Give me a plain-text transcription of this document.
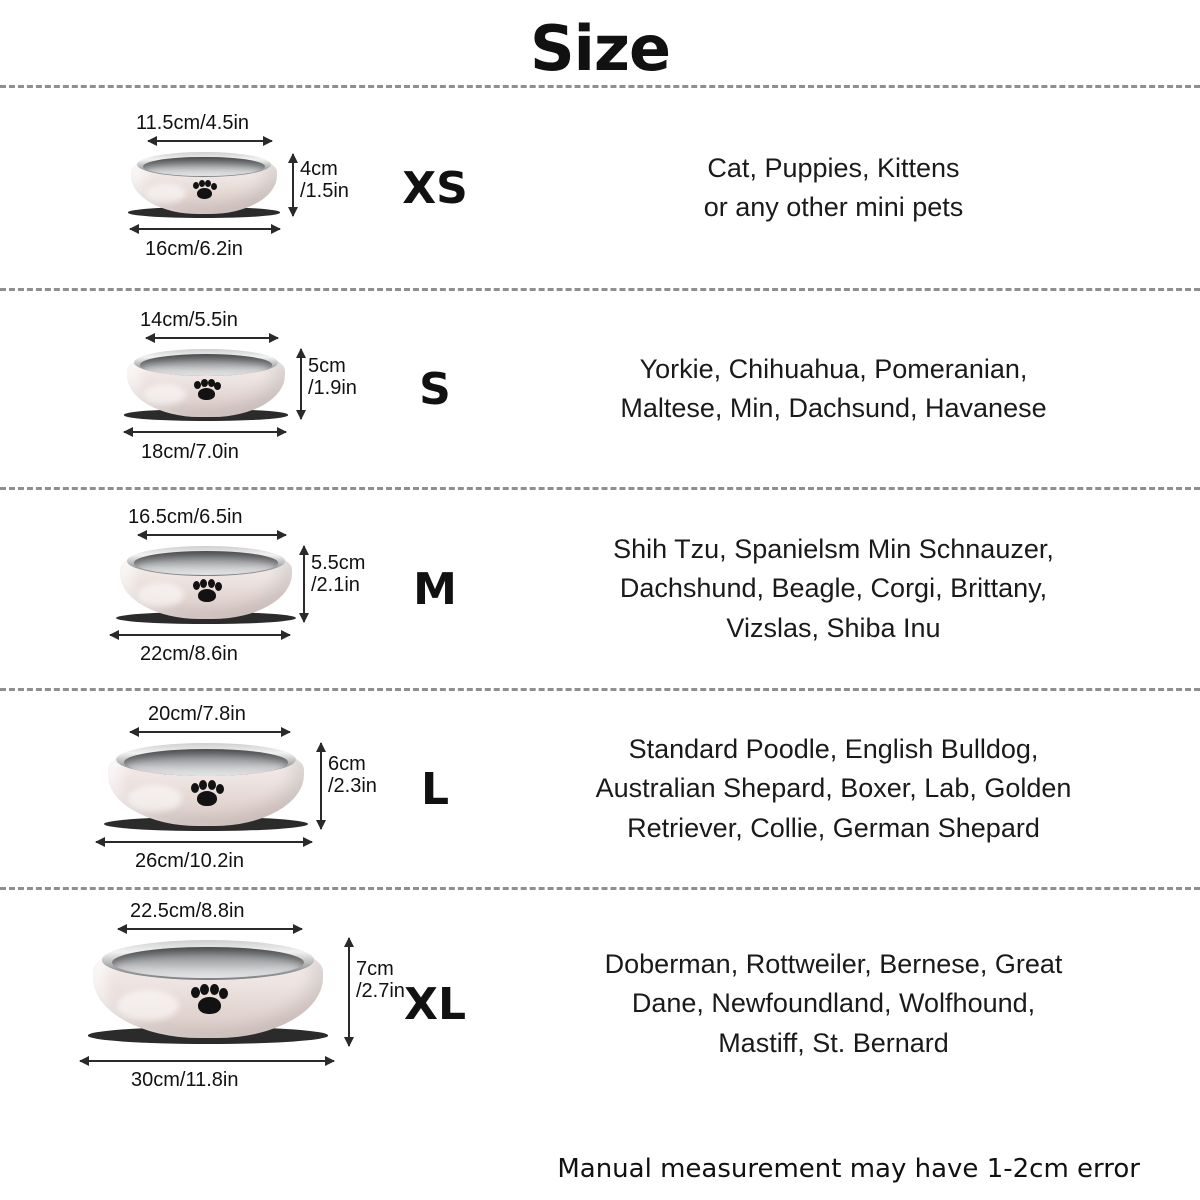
Size
11.5cm/4.5in
4cm
/1.5in
16cm/6.2in
XS	Cat, Puppies, Kittens
or any other mini pets
14cm/5.5in
5cm
/1.9in
18cm/7.0in
S	Yorkie, Chihuahua, Pomeranian,
Maltese, Min, Dachsund, Havanese
16.5cm/6.5in
5.5cm
/2.1in
22cm/8.6in
M
Shih Tzu, Spanielsm Min Schnauzer,
Dachshund, Beagle, Corgi, Brittany,
Vizslas, Shiba Inu
20cm/7.8in
6cm
/2.3in
26cm/10.2in
L
Standard Poodle, English Bulldog,
Australian Shepard, Boxer, Lab, Golden
Retriever, Collie, German Shepard
22.5cm/8.8in
7cm
/2.7in
30cm/11.8in
XL
Doberman, Rottweiler, Bernese, Great
Dane, Newfoundland, Wolfhound,
Mastiff, St. Bernard
Manual measurement may have 1-2cm error
